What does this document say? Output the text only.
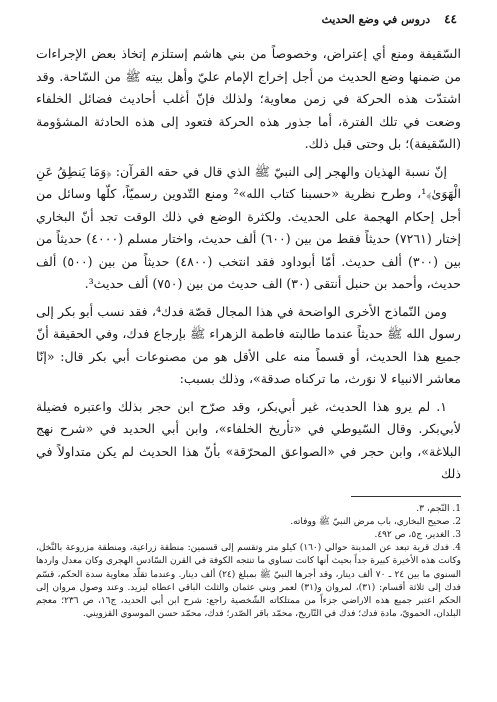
٤٤
دروس في وضع الحديث

السّقيفة ومنع أي إعتراض، وخصوصاً من بني هاشم إستلزم إتخاذ بعض الإجراءات من ضمنها وضع الحديث من أجل إخراج الإمام عليّ وأهل بيته ﷺ من السّاحة. وقد اشتدّت هذه الحركة في زمن معاوية؛ ولذلك فإنّ أغلب أحاديث فضائل الخلفاء وضعت في تلك الفترة، أما جذور هذه الحركة فتعود إلى هذه الحادثة المشؤومة (السّقيفة)؛ بل وحتى قبل ذلك.

إنّ نسبة الهذيان والهجر إلى النبيّ ﷺ الذي قال في حقه القرآن: ﴿وَمَا يَنطِقُ عَنِ الْهَوَىٰ﴾¹، وطرح نظرية «حسبنا كتاب الله»² ومنع التّدوين رسميّاً، كلّها وسائل من أجل إحكام الهجمة على الحديث. ولكثرة الوضع في ذلك الوقت تجد أنّ البخاري إختار (٧٢٦١) حديثاً فقط من بين (٦٠٠) ألف حديث، واختار مسلم (٤٠٠٠) حديثاً من بين (٣٠٠) ألف حديث. أمّا أبوداود فقد انتخب (٤٨٠٠) حديثاً من بين (٥٠٠) ألف حديث، وأحمد بن حنبل أنتقى (٣٠) الف حديث من بين (٧٥٠) ألف حديث³.

ومن النّماذج الأخرى الواضحة في هذا المجال قصّة فدك⁴، فقد نسب أبو بكر إلى رسول الله ﷺ حديثاً عندما طالبته فاطمة الزهراء ﷺ بإرجاع فدك، وفي الحقيقة أنّ جميع هذا الحديث، أو قسماً منه على الأقل هو من مصنوعات أبي بكر قال: «إنّا معاشر الانبياء لا نوَرث، ما تركناه صدقة»، وذلك بسبب:

١. لم يرو هذا الحديث، غير أبي‌بكر، وقد صرّح ابن حجر بذلك واعتبره فضيلة لأبي‌بكر. وقال السّيوطي في «تأريخ الخلفاء»، وابن أبي الحديد في «شرح نهج البلاغة»، وابن حجر في «الصواعق المحرّقة» بأنّ هذا الحديث لم يكن متداولاً في ذلك

1. النّجم، ٣.
2. صحيح البخاري، باب مرض النبيّ ﷺ ووفاته.
3. الغدير، ج٥، ص ٤٩٢.
4. فدك قرية تبعد عن المدينة حوالي (١٦٠) كيلو متر وتقسم إلى قسمين: منطقة زراعية، ومنطقة مزروعة بالنَّخل، وكانت هذه الأخيرة كبيرة جداً بحيث أنها كانت تساوي ما تنتجه الكوفة في القرن السّادس الهجري وكان معدل واردها السنوي ما بين ٢٤ ـ ٧٠ ألف دينار، وقد أجرها النبيّ ﷺ بمبلغ (٢٤) ألف دينار. وعندما تقلّد معاوية سدة الحكم، قسّم فدك إلى ثلاثة أقسام: (٣١)، لمروان و(٣١) لعمر وبني عثمان والثلث الباقي اعطاه ليزيد. وعند وصول مروان إلى الحكم اعتبر جميع هذه الاراضي جزءاً من ممتلكاته الشّخصية راجع: شرح ابن أبي الحديد، ج١٦، ص ٢٣٦؛ معجم البلدان، الحمويّ، مادة فدك؛ فدك في التّاريخ، محمّد باقر الصّدر؛ فدك، محمّد حسن الموسوي القزويني.
